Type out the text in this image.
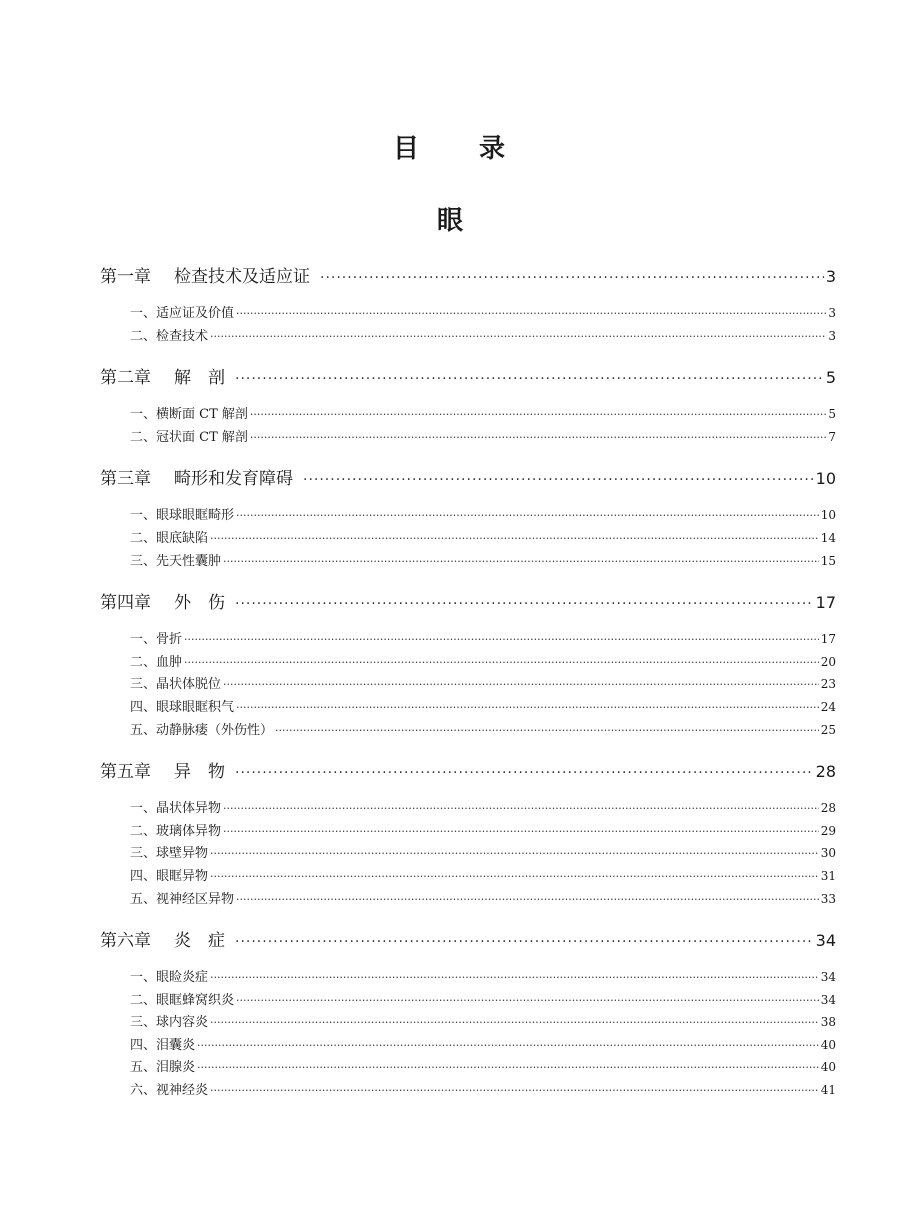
目 录
眼
第一章	检查技术及适应证 ·····	3
一、适应证及价值 ·····	3
二、检查技术 ·····	3
第二章	解　剖 ·····	5
一、横断面 CT 解剖 ·····	5
二、冠状面 CT 解剖 ·····	7
第三章	畸形和发育障碍 ·····	10
一、眼球眼眶畸形 ·····	10
二、眼底缺陷 ·····	14
三、先天性囊肿 ·····	15
第四章	外　伤 ·····	17
一、骨折 ·····	17
二、血肿 ·····	20
三、晶状体脱位 ·····	23
四、眼球眼眶积气 ·····	24
五、动静脉瘘（外伤性） ·····	25
第五章	异　物 ·····	28
一、晶状体异物 ·····	28
二、玻璃体异物 ·····	29
三、球壁异物 ·····	30
四、眼眶异物 ·····	31
五、视神经区异物 ·····	33
第六章	炎　症 ·····	34
一、眼睑炎症 ·····	34
二、眼眶蜂窝织炎 ·····	34
三、球内容炎 ·····	38
四、泪囊炎 ·····	40
五、泪腺炎 ·····	40
六、视神经炎 ·····	41
